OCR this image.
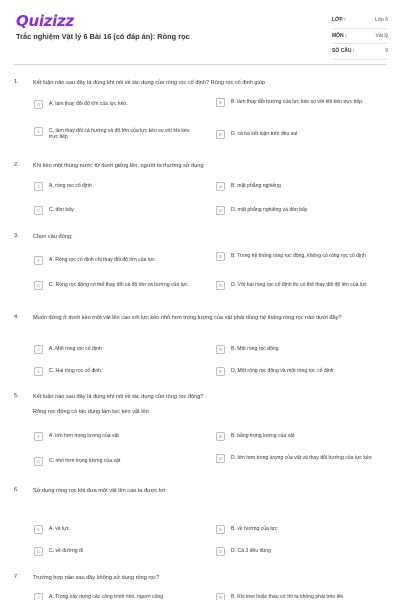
Quizizz
Trắc nghiệm Vật lý 6 Bài 16 (có đáp án): Ròng rọc
LỚP :	Lớp 6
MÔN :	Vật lý
SỐ CÂU :	9
1.	Kết luận nào sau đây là đúng khi nói về tác dụng của ròng rọc cố định? Ròng rọc cố định giúp
A	A. làm thay đổi độ lớn của lực kéo.	B	B. làm thay đổi hướng của lực kéo so với khi kéo trực tiếp.
C	C. làm thay đổi cả hướng và độ lớn của lực kéo so với khi kéo trực tiếp
D	D. cả ba kết luận trên đều sai
2.	Khi kéo một thùng nước từ dưới giếng lên, người ta thường sử dụng
A	A. ròng rọc cố định	B	B. mặt phẳng nghiêng
C	C. đòn bẩy	D	D. mặt phẳng nghiêng và đòn bẩy
3.	Chọn câu đúng:
A	A. Ròng rọc cố định chỉ thay đổi độ lớn của lực
B	B. Trong hệ thống ròng rọc động, không có ròng rọc cố định
C	C. Ròng rọc động có thể thay đổi cả độ lớn và hướng của lực.	D	D. Với hai ròng rọc cố định thì có thể thay đổi độ lớn của lực
4.	Muốn đứng ở dưới kéo một vật lên cao với lực kéo nhỏ hơn trọng lượng của vật phải dùng hệ thống ròng rọc nào dưới đây?
A	A. Một ròng rọc cố định	B	B. Một ròng rọc động
C	C. Hai ròng rọc cố định	D	D. Một ròng rọc động và một ròng rọc cố định
5.	Kết luận nào sau đây là đúng khi nói về tác dụng của ròng rọc động?
Ròng rọc động có tác dụng làm lực kéo vật lên
A	A. lớn hơn trọng lượng của vật	B	B. bằng trọng lượng của vật
C	C. nhỏ hơn trọng lượng của vật	D	D. lớn hơn trọng lượng của vật và thay đổi hướng của lực kéo
6.	Sử dụng ròng rọc khi đưa một vật lên cao ta được lợi
A	A. về lực	B	B. về hướng của lực
C	C. về đường đi	D	D. Cả 3 đều đúng
7.	Trường hợp nào sau đây không sử dụng ròng rọc?
A	A. Trong xây dựng các công trình nhỏ, người công	B	B. Khi treo hoặc tháo cờ thì ta không phải trèo lên
